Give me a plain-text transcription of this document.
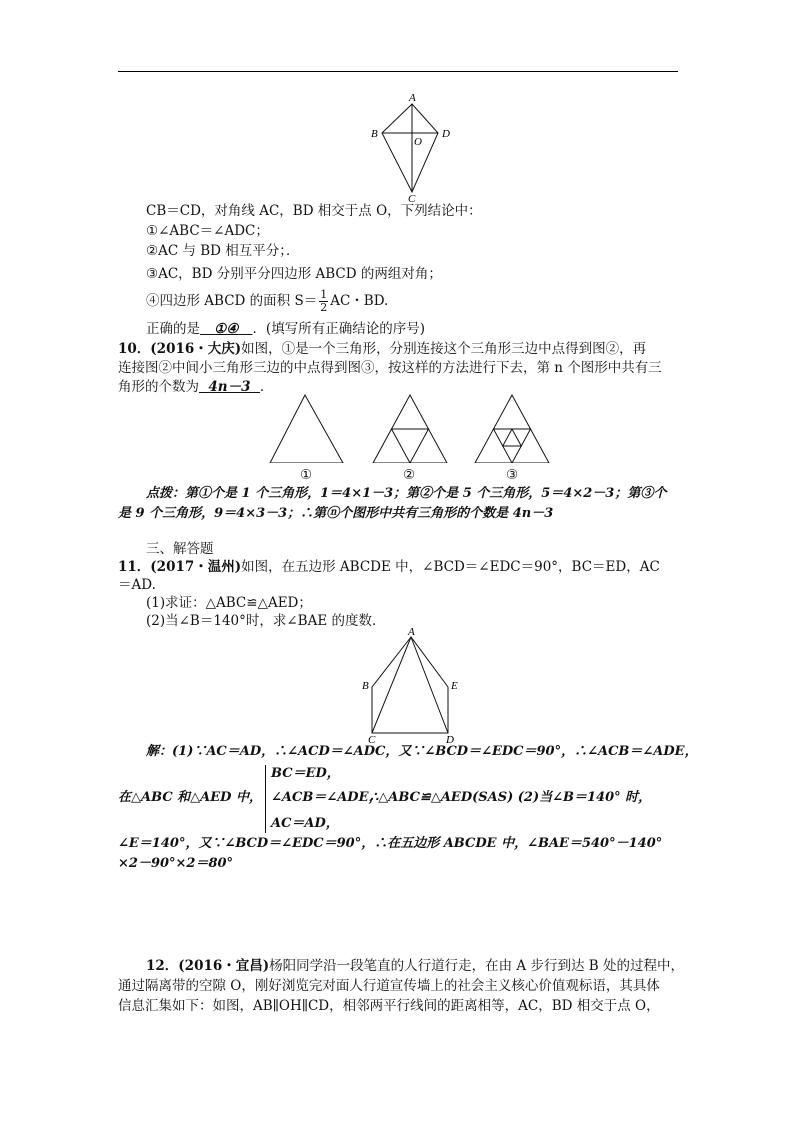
A
B
C
D
O
CB＝CD，对角线 AC，BD 相交于点 O，下列结论中：
①∠ABC＝∠ADC；
②AC 与 BD 相互平分；．
③AC，BD 分别平分四边形 ABCD 的两组对角；
④四边形 ABCD 的面积 $S= \frac{1}{2}$ AC・BD.
正确的是 ①④ ．(填写所有正确结论的序号)
10．(2016・大庆)如图，①是一个三角形，分别连接这个三角形三边中点得到图②，再
连接图②中间小三角形三边的中点得到图③，按这样的方法进行下去，第 n 个图形中共有三
角形的个数为 4n－3 ．
①	②	③
点拨：第①个是 1 个三角形，1＝4×1－3；第②个是 5 个三角形，5＝4×2－3；第③个
是 9 个三角形，9＝4×3－3；∴第ⓝ个图形中共有三角形的个数是 4n－3
三、解答题
11．(2017・温州)如图，在五边形 ABCDE 中，∠BCD＝∠EDC＝90°，BC＝ED，AC
＝AD.
(1)求证：△ABC≌△AED；
(2)当∠B＝140°时，求∠BAE 的度数．
A
B	E
C	D
解：(1)∵AC＝AD，∴∠ACD＝∠ADC，又∵∠BCD＝∠EDC＝90°，∴∠ACB＝∠ADE，
BC＝ED，
在△ABC 和△AED 中， ∠ACB＝∠ADE，
∴△ABC≌△AED(SAS) (2)当∠B＝140° 时，
AC＝AD，
∠E＝140°，又∵∠BCD＝∠EDC＝90°，∴在五边形 ABCDE 中，∠BAE＝540°－140°
×2－90°×2＝80°
12．(2016・宜昌)杨阳同学沿一段笔直的人行道行走，在由 A 步行到达 B 处的过程中，
通过隔离带的空隙 O，刚好浏览完对面人行道宣传墙上的社会主义核心价值观标语，其具体
信息汇集如下：如图，AB∥OH∥CD，相邻两平行线间的距离相等，AC，BD 相交于点 O，
